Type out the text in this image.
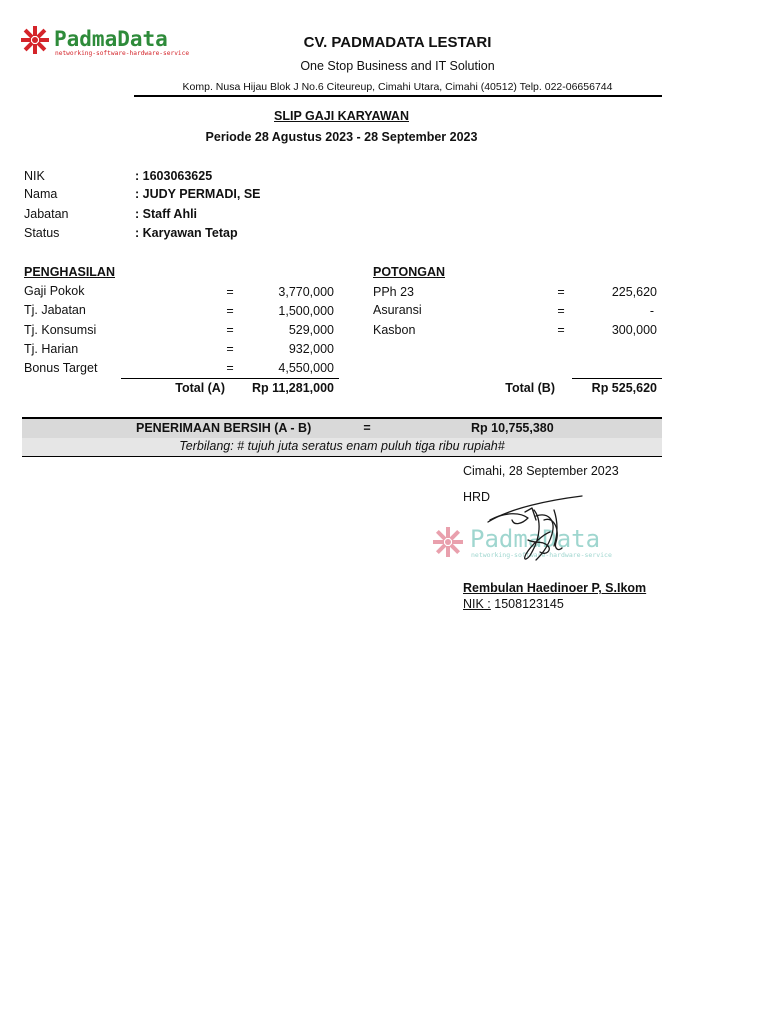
PadmaData
networking-software-hardware-service
CV. PADMADATA LESTARI
One Stop Business and IT Solution
Komp. Nusa Hijau Blok J No.6 Citeureup, Cimahi Utara, Cimahi (40512) Telp. 022-06656744
SLIP GAJI KARYAWAN
Periode 28 Agustus 2023 - 28 September 2023
NIK	: 1603063625
Nama	: JUDY PERMADI, SE
Jabatan	: Staff Ahli
Status	: Karyawan Tetap
PENGHASILAN
Gaji Pokok	=	3,770,000
Tj. Jabatan	=	1,500,000
Tj. Konsumsi	=	529,000
Tj. Harian	=	932,000
Bonus Target	=	4,550,000
Total (A)	Rp 11,281,000
POTONGAN
PPh 23	=	225,620
Asuransi	=	-
Kasbon	=	300,000
Total (B)	Rp 525,620
PENERIMAAN BERSIH (A - B)	=	Rp 10,755,380
Terbilang: # tujuh juta seratus enam puluh tiga ribu rupiah#
Cimahi, 28 September 2023
HRD
PadmaData
networking-software-hardware-service
Rembulan Haedinoer P, S.Ikom
NIK : 1508123145
